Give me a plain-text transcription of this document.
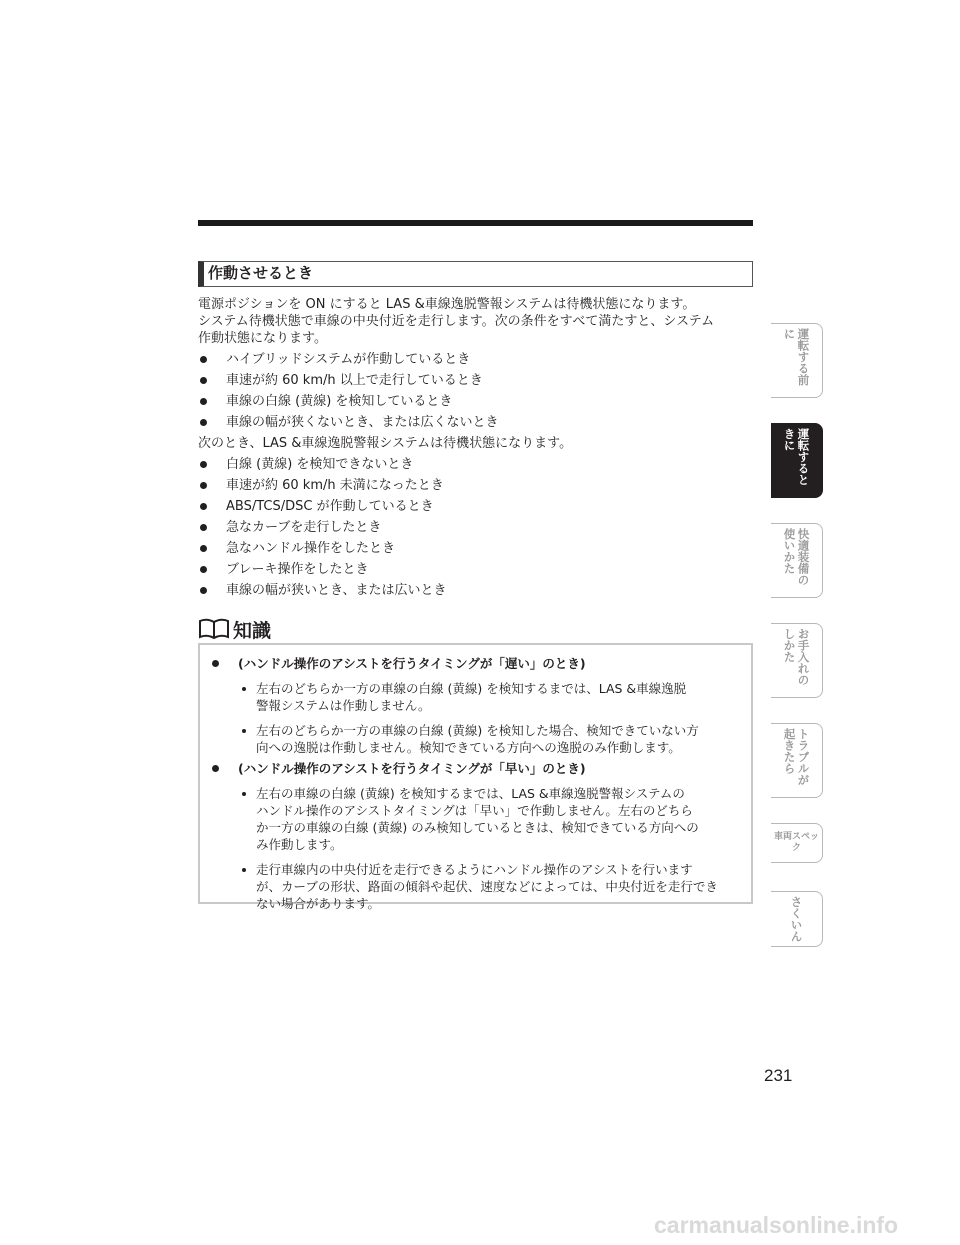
作動させるとき

電源ポジションを ON にすると LAS &車線逸脱警報システムは待機状態になります。

システム待機状態で車線の中央付近を走行します。次の条件をすべて満たすと、システム

作動状態になります。

ハイブリッドシステムが作動しているとき
車速が約 60 km/h 以上で走行しているとき
車線の白線 (黄線) を検知しているとき
車線の幅が狭くないとき、または広くないとき

次のとき、LAS &車線逸脱警報システムは待機状態になります。

白線 (黄線) を検知できないとき
車速が約 60 km/h 未満になったとき
ABS/TCS/DSC が作動しているとき
急なカーブを走行したとき
急なハンドル操作をしたとき
ブレーキ操作をしたとき
車線の幅が狭いとき、または広いとき
知識
(ハンドル操作のアシストを行うタイミングが「遅い」のとき)
左右のどちらか一方の車線の白線 (黄線) を検知するまでは、LAS &車線逸脱
警報システムは作動しません。
左右のどちらか一方の車線の白線 (黄線) を検知した場合、検知できていない方
向への逸脱は作動しません。検知できている方向への逸脱のみ作動します。
(ハンドル操作のアシストを行うタイミングが「早い」のとき)
左右の車線の白線 (黄線) を検知するまでは、LAS &車線逸脱警報システムの
ハンドル操作のアシストタイミングは「早い」で作動しません。左右のどちら
か一方の車線の白線 (黄線) のみ検知しているときは、検知できている方向への
み作動します。
走行車線内の中央付近を走行できるようにハンドル操作のアシストを行います
が、カーブの形状、路面の傾斜や起伏、速度などによっては、中央付近を走行でき
ない場合があります。
運転する前に
運転するときに
快適装備の使いかた
お手入れのしかた
トラブルが起きたら
車両スペック
さくいん
231
carmanualsonline.info
